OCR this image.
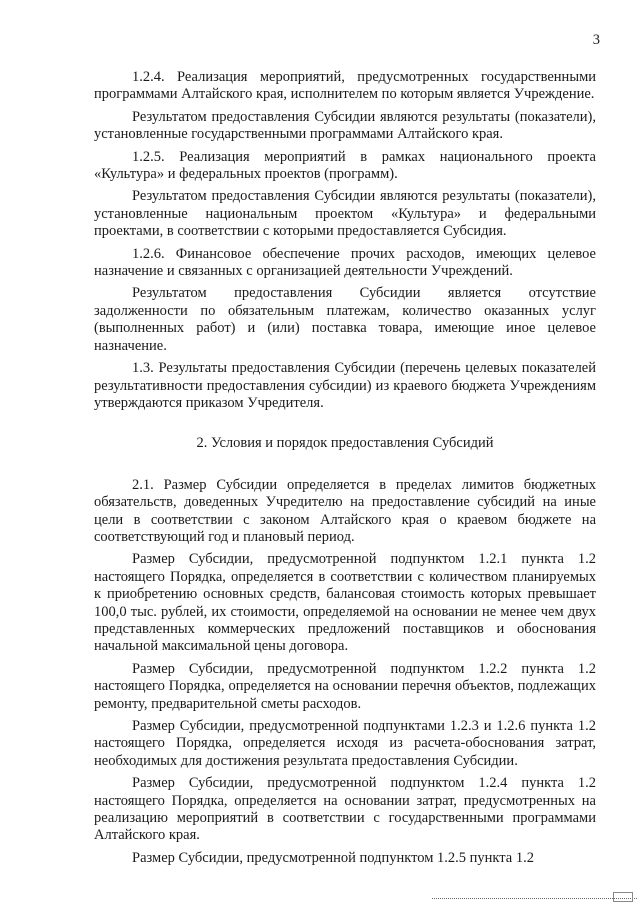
3

1.2.4. Реализация мероприятий, предусмотренных государственными программами Алтайского края, исполнителем по которым является Учреждение.

Результатом предоставления Субсидии являются результаты (показатели), установленные государственными программами Алтайского края.

1.2.5. Реализация мероприятий в рамках национального проекта «Культура» и федеральных проектов (программ).

Результатом предоставления Субсидии являются результаты (показатели), установленные национальным проектом «Культура» и федеральными проектами, в соответствии с которыми предоставляется Субсидия.

1.2.6. Финансовое обеспечение прочих расходов, имеющих целевое назначение и связанных с организацией деятельности Учреждений.

Результатом предоставления Субсидии является отсутствие задолженности по обязательным платежам, количество оказанных услуг (выполненных работ) и (или) поставка товара, имеющие иное целевое назначение.

1.3. Результаты предоставления Субсидии (перечень целевых показателей результативности предоставления субсидии) из краевого бюджета Учреждениям утверждаются приказом Учредителя.

2. Условия и порядок предоставления Субсидий

2.1. Размер Субсидии определяется в пределах лимитов бюджетных обязательств, доведенных Учредителю на предоставление субсидий на иные цели в соответствии с законом Алтайского края о краевом бюджете на соответствующий год и плановый период.

Размер Субсидии, предусмотренной подпунктом 1.2.1 пункта 1.2 настоящего Порядка, определяется в соответствии с количеством планируемых к приобретению основных средств, балансовая стоимость которых превышает 100,0 тыс. рублей, их стоимости, определяемой на основании не менее чем двух представленных коммерческих предложений поставщиков и обоснования начальной максимальной цены договора.

Размер Субсидии, предусмотренной подпунктом 1.2.2 пункта 1.2 настоящего Порядка, определяется на основании перечня объектов, подлежащих ремонту, предварительной сметы расходов.

Размер Субсидии, предусмотренной подпунктами 1.2.3 и 1.2.6 пункта 1.2 настоящего Порядка, определяется исходя из расчета-обоснования затрат, необходимых для достижения результата предоставления Субсидии.

Размер Субсидии, предусмотренной подпунктом 1.2.4 пункта 1.2 настоящего Порядка, определяется на основании затрат, предусмотренных на реализацию мероприятий в соответствии с государственными программами Алтайского края.

Размер Субсидии, предусмотренной подпунктом 1.2.5 пункта 1.2
